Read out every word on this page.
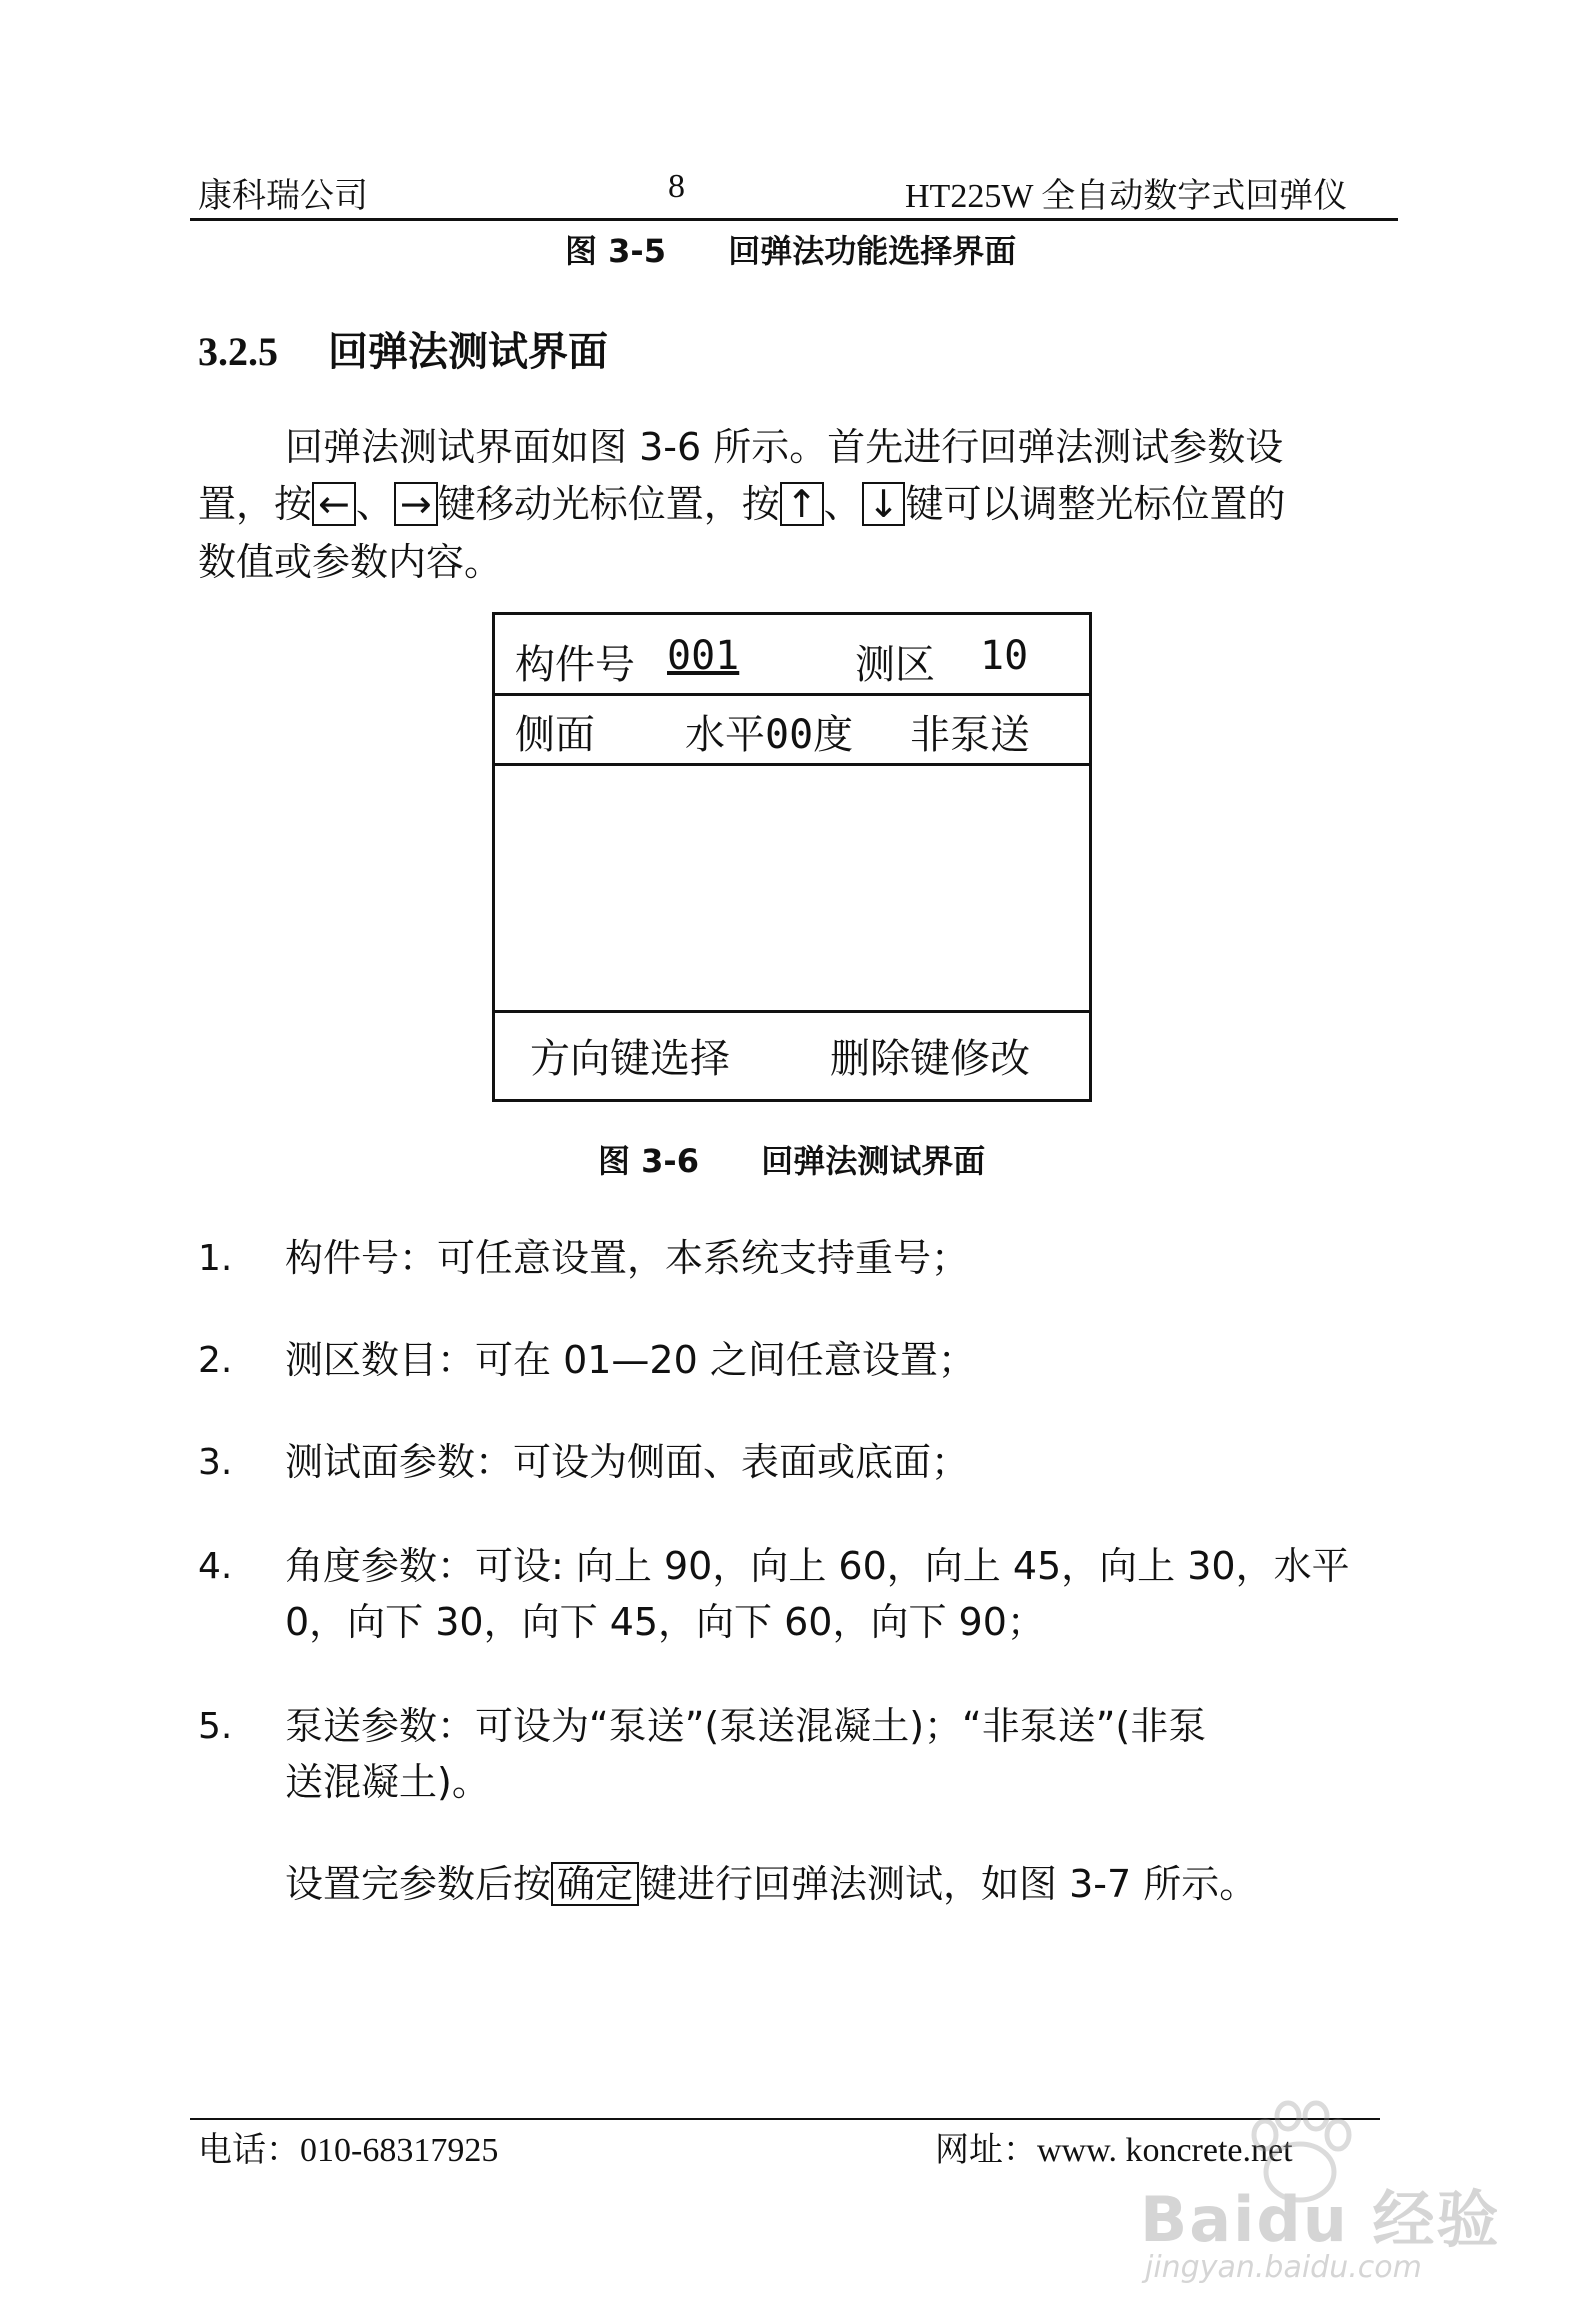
康科瑞公司	8	HT225W 全自动数字式回弹仪
图 3-5 回弹法功能选择界面
3.2.5 回弹法测试界面
回弹法测试界面如图 3-6 所示。首先进行回弹法测试参数设
置，按 ← 、 → 键移动光标位置，按 ↑ 、 ↓ 键可以调整光标位置的
数值或参数内容。
构件号 001	测区 10
侧面 水平00度 非泵送
方向键选择	删除键修改
图 3-6 回弹法测试界面
1. 构件号：可任意设置，本系统支持重号；
2. 测区数目：可在 01—20 之间任意设置；
3. 测试面参数：可设为侧面、表面或底面；
4. 角度参数：可设: 向上 90，向上 60，向上 45，向上 30，水平
0，向下 30，向下 45，向下 60，向下 90；
5. 泵送参数：可设为“泵送”(泵送混凝土)；“非泵送”(非泵
送混凝土)。
设置完参数后按 确定 键进行回弹法测试，如图 3-7 所示。
电话：010-68317925	网址：www. koncrete.net
Baidu 经验
jingyan.baidu.com
